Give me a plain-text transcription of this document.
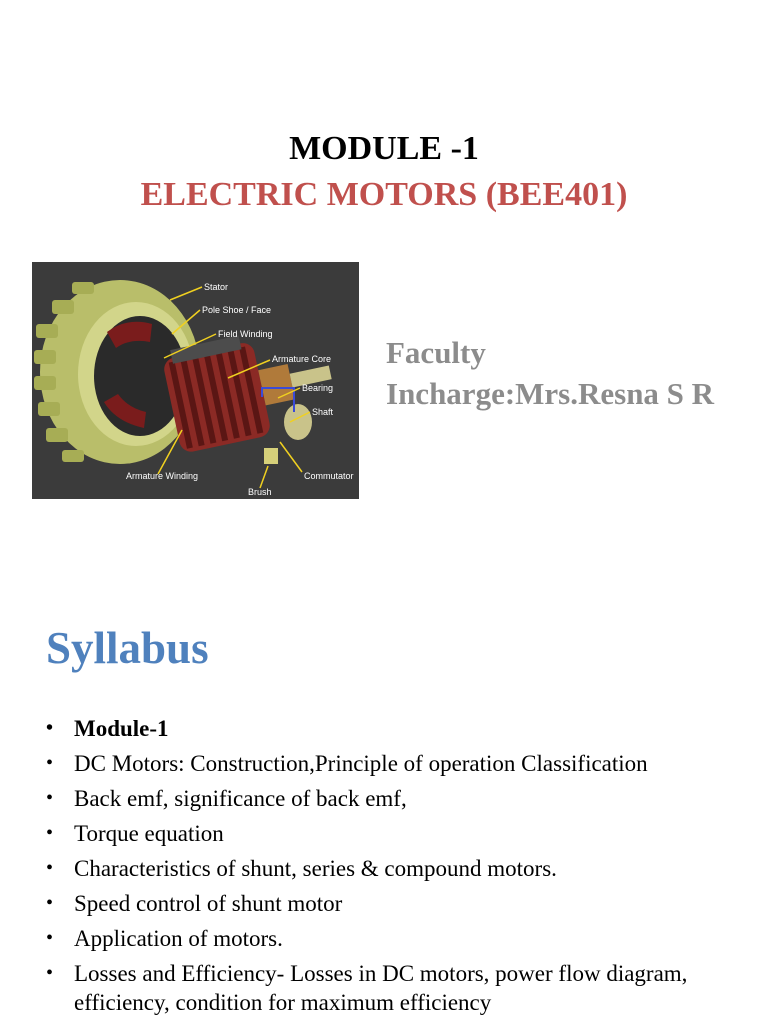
MODULE -1
ELECTRIC MOTORS (BEE401)
Stator
Pole Shoe / Face
Field Winding
Armature Core
Bearing
Shaft
Armature Winding	Commutator
Brush
Faculty
Incharge:Mrs.Resna S R
Syllabus
• Module-1
• DC Motors: Construction,Principle of operation Classification
• Back emf, significance of back emf,
• Torque equation
• Characteristics of shunt, series & compound motors.
• Speed control of shunt motor
• Application of motors.
• Losses and Efficiency- Losses in DC motors, power flow diagram, efficiency, condition for maximum efficiency
